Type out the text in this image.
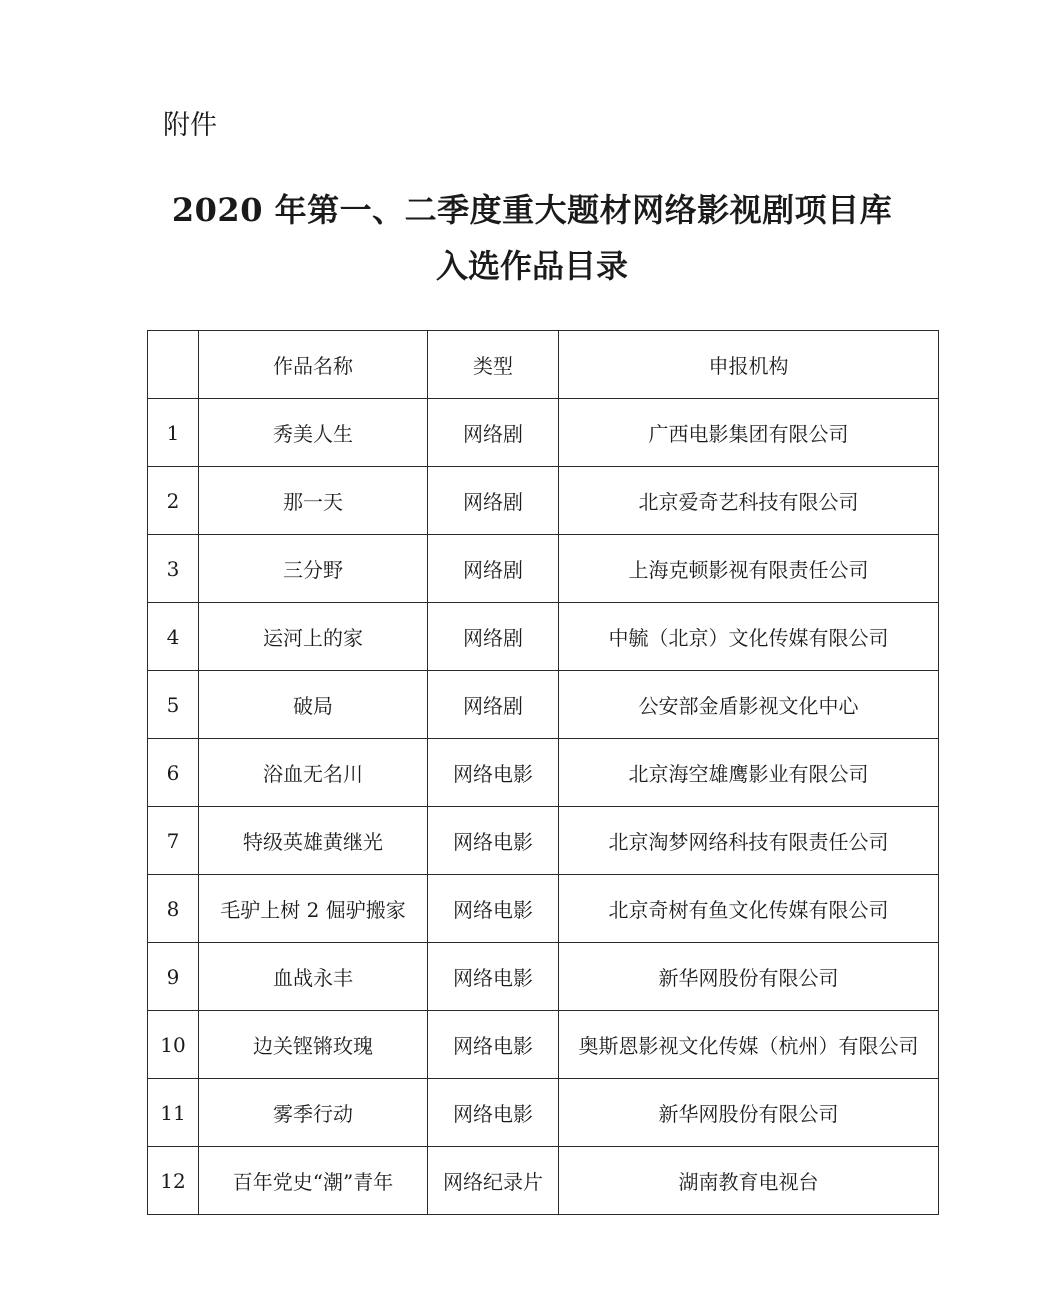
附件
2020 年第一、二季度重大题材网络影视剧项目库
入选作品目录
	作品名称	类型	申报机构
1	秀美人生	网络剧	广西电影集团有限公司
2	那一天	网络剧	北京爱奇艺科技有限公司
3	三分野	网络剧	上海克顿影视有限责任公司
4	运河上的家	网络剧	中毓（北京）文化传媒有限公司
5	破局	网络剧	公安部金盾影视文化中心
6	浴血无名川	网络电影	北京海空雄鹰影业有限公司
7	特级英雄黄继光	网络电影	北京淘梦网络科技有限责任公司
8	毛驴上树 2 倔驴搬家	网络电影	北京奇树有鱼文化传媒有限公司
9	血战永丰	网络电影	新华网股份有限公司
10	边关铿锵玫瑰	网络电影	奥斯恩影视文化传媒（杭州）有限公司
11	雾季行动	网络电影	新华网股份有限公司
12	百年党史“潮”青年	网络纪录片	湖南教育电视台
